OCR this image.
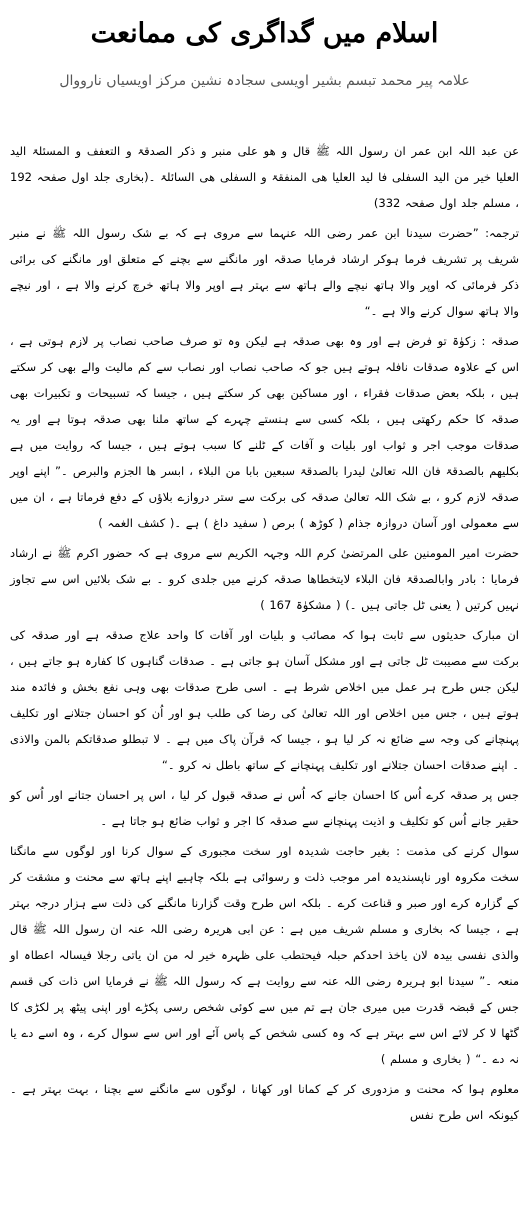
اسلام میں گداگری کی ممانعت
علامہ پیر محمد تبسم بشیر اویسی سجادہ نشین مرکز اویسیاں نارووال

عن عبد اللہ ابن عمر ان رسول اللہ ﷺ قال و ھو علی منبر و ذکر الصدقۃ و التعفف و المسئلۃ الید العلیا خیر من الید السفلی فا لید العلیا ھی المنفقۃ و السفلی ھی السائلۃ ۔(بخاری جلد اول صفحہ 192 ، مسلم جلد اول صفحہ 332)

ترجمہ: ”حضرت سیدنا ابن عمر رضی اللہ عنہما سے مروی ہے کہ بے شک رسول اللہ ﷺ نے منبر شریف پر تشریف فرما ہوکر ارشاد فرمایا صدقہ اور مانگنے سے بچنے کے متعلق اور مانگنے کی برائی ذکر فرمائی کہ اوپر والا ہاتھ نیچے والے ہاتھ سے بہتر ہے اوپر والا ہاتھ خرچ کرنے والا ہے ، اور نیچے والا ہاتھ سوال کرنے والا ہے ۔“

صدقہ : زکوٰۃ تو فرض ہے اور وہ بھی صدقہ ہے لیکن وہ تو صرف صاحب نصاب پر لازم ہوتی ہے ، اس کے علاوہ صدقات نافلہ ہوتے ہیں جو کہ صاحب نصاب اور نصاب سے کم مالیت والے بھی کر سکتے ہیں ، بلکہ بعض صدقات فقراء ، اور مساکین بھی کر سکتے ہیں ، جیسا کہ تسبیحات و تکبیرات بھی صدقہ کا حکم رکھتی ہیں ، بلکہ کسی سے ہنستے چہرے کے ساتھ ملنا بھی صدقہ ہوتا ہے اور یہ صدقات موجب اجر و ثواب اور بلیات و آفات کے ٹلنے کا سبب ہوتے ہیں ، جیسا کہ روایت میں ہے بکلیھم بالصدقۃ فان اللہ تعالیٰ لیدرا بالصدقۃ سبعین بابا من البلاء ، ابسر ھا الجزم والبرص ۔” اپنے اوپر صدقہ لازم کرو ، بے شک اللہ تعالیٰ صدقہ کی برکت سے ستر دروازے بلاؤں کے دفع فرماتا ہے ، ان میں سے معمولی اور آسان دروازہ جذام ( کوڑھ ) برص ( سفید داغ ) ہے ۔( کشف الغمہ )

حضرت امیر المومنین علی المرتضیٰ کرم اللہ وجہہ الکریم سے مروی ہے کہ حضور اکرم ﷺ نے ارشاد فرمایا : بادر وابالصدقۃ فان البلاء لایتخطاھا صدقہ کرنے میں جلدی کرو ۔ بے شک بلائیں اس سے تجاوز نہیں کرتیں ( یعنی ٹل جاتی ہیں ۔) ( مشکوٰۃ 167 )

ان مبارک حدیثوں سے ثابت ہوا کہ مصائب و بلیات اور آفات کا واحد علاج صدقہ ہے اور صدقہ کی برکت سے مصیبت ٹل جاتی ہے اور مشکل آسان ہو جاتی ہے ۔ صدقات گناہوں کا کفارہ ہو جاتے ہیں ، لیکن جس طرح ہر عمل میں اخلاص شرط ہے ۔ اسی طرح صدقات بھی وہی نفع بخش و فائدہ مند ہوتے ہیں ، جس میں اخلاص اور اللہ تعالیٰ کی رضا کی طلب ہو اور اُن کو احسان جتلانے اور تکلیف پہنچانے کی وجہ سے ضائع نہ کر لیا ہو ، جیسا کہ قرآن پاک میں ہے ۔ لا تبطلو صدقاتکم بالمن والاذی ۔ اپنے صدقات احسان جتلانے اور تکلیف پہنچانے کے ساتھ باطل نہ کرو ۔“

جس پر صدقہ کرے اُس کا احسان جانے کہ اُس نے صدقہ قبول کر لیا ، اس پر احسان جتانے اور اُس کو حقیر جانے اُس کو تکلیف و اذیت پہنچانے سے صدقہ کا اجر و ثواب ضائع ہو جاتا ہے ۔

سوال کرنے کی مذمت : بغیر حاجت شدیدہ اور سخت مجبوری کے سوال کرنا اور لوگوں سے مانگنا سخت مکروہ اور ناپسندیدہ امر موجب ذلت و رسوائی ہے بلکہ چاہیے اپنے ہاتھ سے محنت و مشقت کر کے گزارہ کرے اور صبر و قناعت کرے ۔ بلکہ اس طرح وقت گزارنا مانگنے کی ذلت سے ہزار درجہ بہتر ہے ، جیسا کہ بخاری و مسلم شریف میں ہے : عن ابی ھریرہ رضی اللہ عنہ ان رسول اللہ ﷺ قال والذی نفسی بیدہ لان یاخذ احدکم حبلہ فیحتطب علی ظہرہ خیر لہ من ان یاتی رجلا فیسالہ اعطاہ او منعہ ۔” سیدنا ابو ہریرہ رضی اللہ عنہ سے روایت ہے کہ رسول اللہ ﷺ نے فرمایا اس ذات کی قسم جس کے قبضہ قدرت میں میری جان ہے تم میں سے کوئی شخص رسی پکڑے اور اپنی پیٹھ پر لکڑی کا گٹھا لا کر لائے اس سے بہتر ہے کہ وہ کسی شخص کے پاس آئے اور اس سے سوال کرے ، وہ اسے دے یا نہ دے ۔“ ( بخاری و مسلم )

معلوم ہوا کہ محنت و مزدوری کر کے کمانا اور کھانا ، لوگوں سے مانگنے سے بچنا ، بہت بہتر ہے ۔ کیونکہ اس طرح نفس
